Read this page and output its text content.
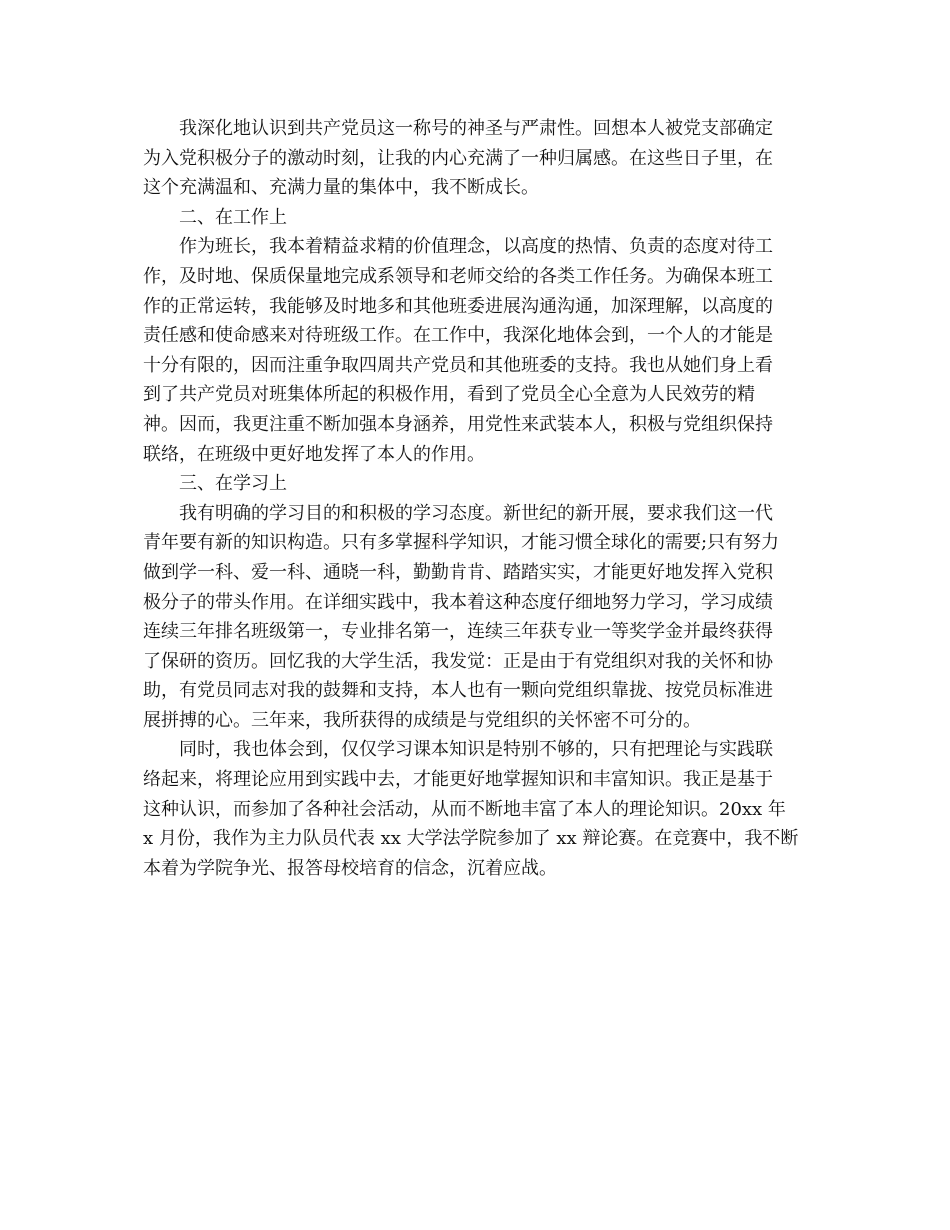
我深化地认识到共产党员这一称号的神圣与严肃性。回想本人被党支部确定
为入党积极分子的激动时刻，让我的内心充满了一种归属感。在这些日子里，在
这个充满温和、充满力量的集体中，我不断成长。
二、在工作上
作为班长，我本着精益求精的价值理念，以高度的热情、负责的态度对待工
作，及时地、保质保量地完成系领导和老师交给的各类工作任务。为确保本班工
作的正常运转，我能够及时地多和其他班委进展沟通沟通，加深理解，以高度的
责任感和使命感来对待班级工作。在工作中，我深化地体会到，一个人的才能是
十分有限的，因而注重争取四周共产党员和其他班委的支持。我也从她们身上看
到了共产党员对班集体所起的积极作用，看到了党员全心全意为人民效劳的精
神。因而，我更注重不断加强本身涵养，用党性来武装本人，积极与党组织保持
联络，在班级中更好地发挥了本人的作用。
三、在学习上
我有明确的学习目的和积极的学习态度。新世纪的新开展，要求我们这一代
青年要有新的知识构造。只有多掌握科学知识，才能习惯全球化的需要;只有努力
做到学一科、爱一科、通晓一科，勤勤肯肯、踏踏实实，才能更好地发挥入党积
极分子的带头作用。在详细实践中，我本着这种态度仔细地努力学习，学习成绩
连续三年排名班级第一，专业排名第一，连续三年获专业一等奖学金并最终获得
了保研的资历。回忆我的大学生活，我发觉：正是由于有党组织对我的关怀和协
助，有党员同志对我的鼓舞和支持，本人也有一颗向党组织靠拢、按党员标准进
展拼搏的心。三年来，我所获得的成绩是与党组织的关怀密不可分的。
同时，我也体会到，仅仅学习课本知识是特别不够的，只有把理论与实践联
络起来，将理论应用到实践中去，才能更好地掌握知识和丰富知识。我正是基于
这种认识，而参加了各种社会活动，从而不断地丰富了本人的理论知识。20xx 年
x 月份，我作为主力队员代表 xx 大学法学院参加了 xx 辩论赛。在竞赛中，我不断
本着为学院争光、报答母校培育的信念，沉着应战。
